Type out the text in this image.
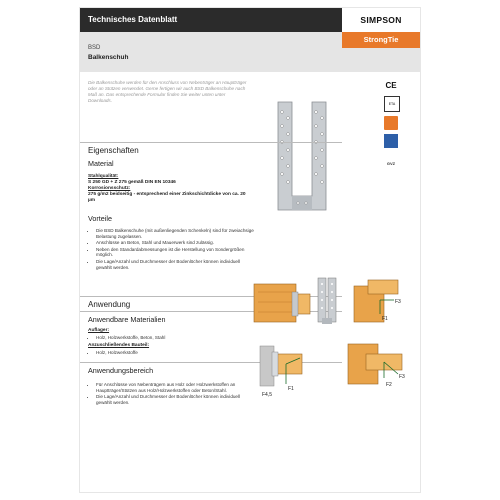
Technisches Datenblatt	SIMPSON
BSD
Balkenschuh
StrongTie
Die Balkenschuhe werden für den Anschluss von Nebenträger an Hauptträger oder an Stützen verwendet. Gerne fertigen wir auch BSD Balkenschuhe nach Maß an. Das entsprechende Formular finden Sie weiter unten unter Downloads.
CE
ETA
GVZ
Eigenschaften
Material
Stahlqualität:
S 250 GD + Z 275 gemäß DIN EN 10346
Korrosionsschutz:
275 g/m2 beidseitig - entsprechend einer Zinkschichtdicke von ca. 20 µm
Vorteile
• Die BSD Balkenschuhe (mit außenliegenden Schenkeln) sind für zweiachsige Belastung zugelassen.
• Anschlüsse an Beton, Stahl und Mauerwerk sind zulässig.
• Neben den Standardabmessungen ist die Herstellung von Sondergrößen möglich.
• Die Lage/Anzahl und Durchmesser der Bodenlöcher können individuell gewählt werden.
Anwendung
Anwendbare Materialien
Auflager:
• Holz, Holzwerkstoffe, Beton, Stahl
Anzuschließendes Bauteil:
• Holz, Holzwerkstoffe
Anwendungsbereich
• Für Anschlüsse von Nebenträgern aus Holz oder Holzwerkstoffen an Hauptträger/Stützen aus Holz/Holzwerkstoffen oder Beton/Stahl.
• Die Lage/Anzahl und Durchmesser der Bodenlöcher können individuell gewählt werden.
F1
F3
F4,5
F1
F2
F3
